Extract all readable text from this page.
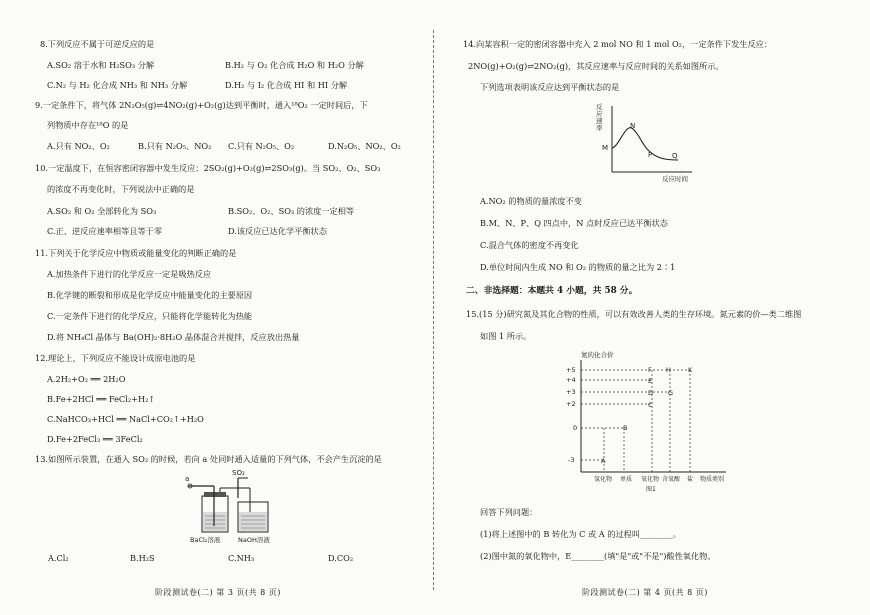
8.下列反应不属于可逆反应的是
A.SO₂ 溶于水和 H₂SO₃ 分解	B.H₂ 与 O₂ 化合成 H₂O 和 H₂O 分解
C.N₂ 与 H₂ 化合成 NH₃ 和 NH₃ 分解	D.H₂ 与 I₂ 化合成 HI 和 HI 分解
9.一定条件下，将气体 2N₂O₅(g)⇌4NO₂(g)+O₂(g)达到平衡时，通入¹⁸O₂ 一定时间后，下
列物质中存在¹⁸O 的是
A.只有 NO₂、O₂	B.只有 N₂O₅、NO₂ C.只有 N₂O₅、O₂	D.N₂O₅、NO₂、O₂
10.一定温度下，在恒容密闭容器中发生反应：2SO₂(g)+O₂(g)⇌2SO₃(g)。当 SO₂、O₂、SO₃
的浓度不再变化时，下列说法中正确的是
A.SO₂ 和 O₂ 全部转化为 SO₃	B.SO₂、O₂、SO₃ 的浓度一定相等
C.正、逆反应速率相等且等于零	D.该反应已达化学平衡状态
11.下列关于化学反应中物质或能量变化的判断正确的是
A.加热条件下进行的化学反应一定是吸热反应
B.化学键的断裂和形成是化学反应中能量变化的主要原因
C.一定条件下进行的化学反应，只能将化学能转化为热能
D.将 NH₄Cl 晶体与 Ba(OH)₂·8H₂O 晶体混合并搅拌，反应放出热量
12.理论上，下列反应不能设计成原电池的是
A.2H₂+O₂ ══ 2H₂O
B.Fe+2HCl ══ FeCl₂+H₂↑
C.NaHCO₃+HCl ══ NaCl+CO₂↑+H₂O
D.Fe+2FeCl₃ ══ 3FeCl₂
13.如图所示装置，在通入 SO₂ 的时候，若向 a 处同时通入适量的下列气体，不会产生沉淀的是
a
SO₂
BaCl₂溶液	NaOH溶液
A.Cl₂	B.H₂S	C.NH₃	D.CO₂
阶段测试卷(二) 第 3 页(共 8 页)
14.向某容积一定的密闭容器中充入 2 mol NO 和 1 mol O₂，一定条件下发生反应：
2NO(g)+O₂(g)⇌2NO₂(g)，其反应速率与反应时间的关系如图所示。
下列选项表明该反应达到平衡状态的是
M
N
P	Q
反应时间
反应速率
A.NO₂ 的物质的量浓度不变
B.M、N、P、Q 四点中，N 点时反应已达平衡状态
C.混合气体的密度不再变化
D.单位时间内生成 NO 和 O₂ 的物质的量之比为 2∶1
二、非选择题：本题共 4 小题，共 58 分。
15.(15 分)研究氮及其化合物的性质，可以有效改善人类的生存环境。氮元素的价—类二维图
如图 1 所示。
氮的化合价
+5
+4
+3
+2
0
-3
F H	K
E
D G
C
B
A
氢化物 单质 氧化物 含氧酸 盐 物质类别
图1
回答下列问题：
(1)将上述图中的 B 转化为 C 或 A 的过程叫________。
(2)图中氮的氧化物中，E________(填"是"或"不是")酸性氧化物。
阶段测试卷(二) 第 4 页(共 8 页)
